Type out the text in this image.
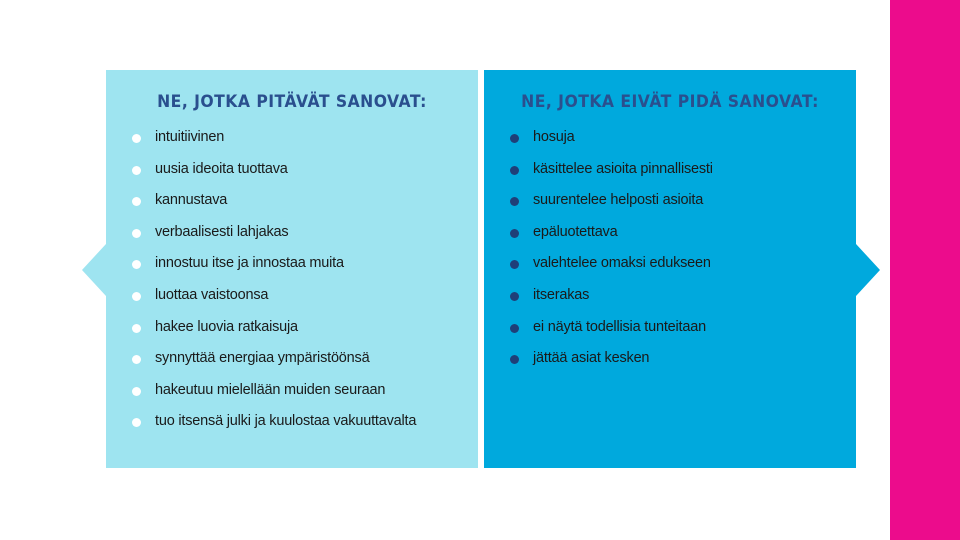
NE, JOTKA PITÄVÄT SANOVAT:
intuitiivinen
uusia ideoita tuottava
kannustava
verbaalisesti lahjakas
innostuu itse ja innostaa muita
luottaa vaistoonsa
hakee luovia ratkaisuja
synnyttää energiaa ympäristöönsä
hakeutuu mielellään muiden seuraan
tuo itsensä julki ja kuulostaa vakuuttavalta
NE, JOTKA EIVÄT PIDÄ SANOVAT:
hosuja
käsittelee asioita pinnallisesti
suurentelee helposti asioita
epäluotettava
valehtelee omaksi edukseen
itserakas
ei näytä todellisia tunteitaan
jättää asiat kesken
